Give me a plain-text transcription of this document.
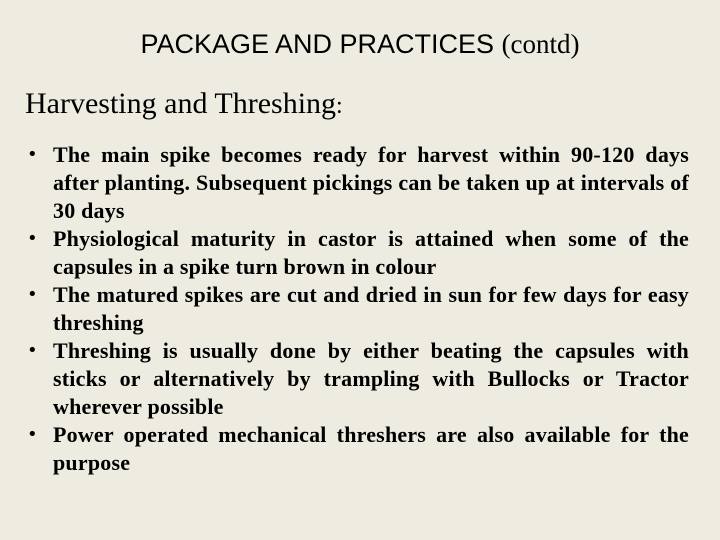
PACKAGE AND PRACTICES (contd)
Harvesting and Threshing:
• The main spike becomes ready for harvest within 90-120 days after planting. Subsequent pickings can be taken up at intervals of 30 days
• Physiological maturity in castor is attained when some of the capsules in a spike turn brown in colour
• The matured spikes are cut and dried in sun for few days for easy threshing
• Threshing is usually done by either beating the capsules with sticks or alternatively by trampling with Bullocks or Tractor wherever possible
• Power operated mechanical threshers are also available for the purpose
